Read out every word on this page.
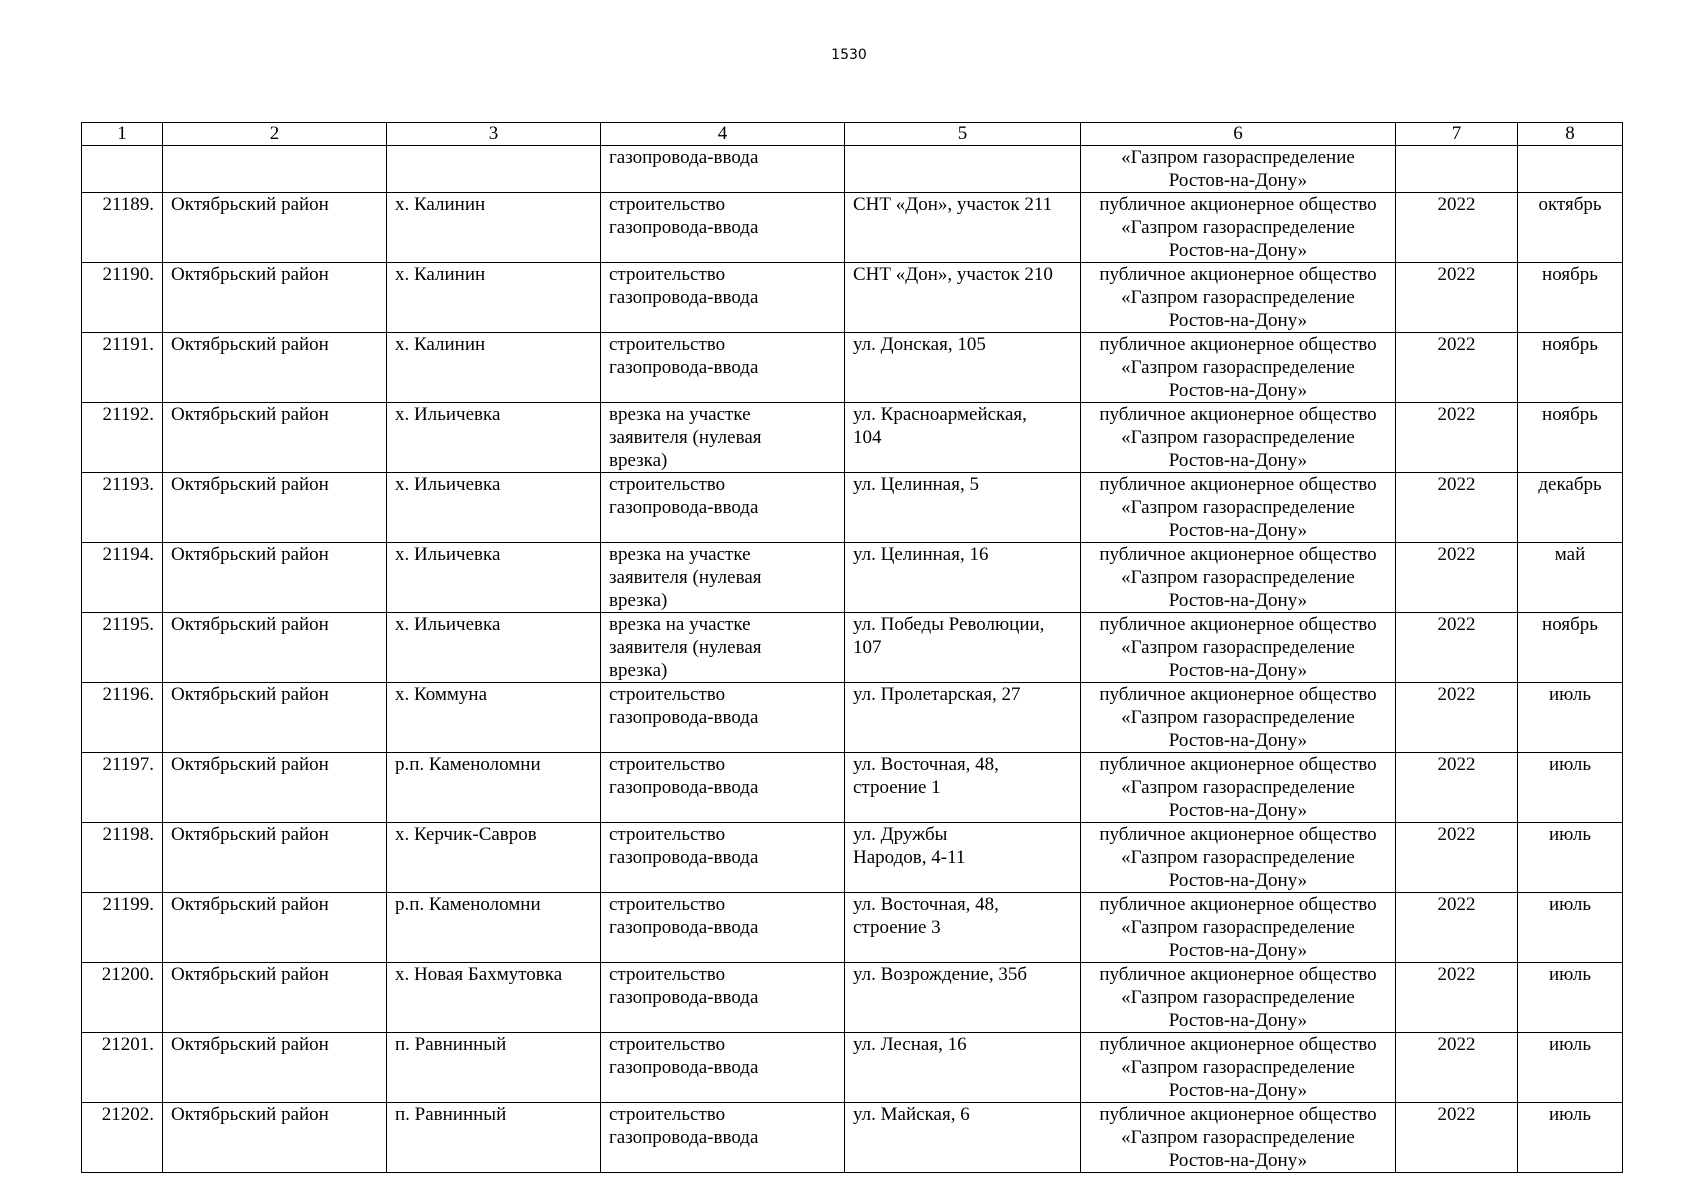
1530
1	2	3	4	5	6	7	8
			газопровода-ввода		«Газпром газораспределение
Ростов-на-Дону»		

21189.	Октябрьский район	х. Калинин	строительство
газопровода-ввода	СНТ «Дон», участок 211	публичное акционерное общество
«Газпром газораспределение
Ростов-на-Дону»	2022	октябрь

21190.	Октябрьский район	х. Калинин	строительство
газопровода-ввода	СНТ «Дон», участок 210	публичное акционерное общество
«Газпром газораспределение
Ростов-на-Дону»	2022	ноябрь

21191.	Октябрьский район	х. Калинин	строительство
газопровода-ввода	ул. Донская, 105	публичное акционерное общество
«Газпром газораспределение
Ростов-на-Дону»	2022	ноябрь

21192.	Октябрьский район	х. Ильичевка	врезка на участке
заявителя (нулевая
врезка)	ул. Красноармейская,
104	публичное акционерное общество
«Газпром газораспределение
Ростов-на-Дону»	2022	ноябрь

21193.	Октябрьский район	х. Ильичевка	строительство
газопровода-ввода	ул. Целинная, 5	публичное акционерное общество
«Газпром газораспределение
Ростов-на-Дону»	2022	декабрь

21194.	Октябрьский район	х. Ильичевка	врезка на участке
заявителя (нулевая
врезка)	ул. Целинная, 16	публичное акционерное общество
«Газпром газораспределение
Ростов-на-Дону»	2022	май

21195.	Октябрьский район	х. Ильичевка	врезка на участке
заявителя (нулевая
врезка)	ул. Победы Революции,
107	публичное акционерное общество
«Газпром газораспределение
Ростов-на-Дону»	2022	ноябрь

21196.	Октябрьский район	х. Коммуна	строительство
газопровода-ввода	ул. Пролетарская, 27	публичное акционерное общество
«Газпром газораспределение
Ростов-на-Дону»	2022	июль

21197.	Октябрьский район	р.п. Каменоломни	строительство
газопровода-ввода	ул. Восточная, 48,
строение 1	публичное акционерное общество
«Газпром газораспределение
Ростов-на-Дону»	2022	июль

21198.	Октябрьский район	х. Керчик-Савров	строительство
газопровода-ввода	ул. Дружбы
Народов, 4-11	публичное акционерное общество
«Газпром газораспределение
Ростов-на-Дону»	2022	июль

21199.	Октябрьский район	р.п. Каменоломни	строительство
газопровода-ввода	ул. Восточная, 48,
строение 3	публичное акционерное общество
«Газпром газораспределение
Ростов-на-Дону»	2022	июль

21200.	Октябрьский район	х. Новая Бахмутовка	строительство
газопровода-ввода	ул. Возрождение, 35б	публичное акционерное общество
«Газпром газораспределение
Ростов-на-Дону»	2022	июль

21201.	Октябрьский район	п. Равнинный	строительство
газопровода-ввода	ул. Лесная, 16	публичное акционерное общество
«Газпром газораспределение
Ростов-на-Дону»	2022	июль

21202.	Октябрьский район	п. Равнинный	строительство
газопровода-ввода	ул. Майская, 6	публичное акционерное общество
«Газпром газораспределение
Ростов-на-Дону»	2022	июль
